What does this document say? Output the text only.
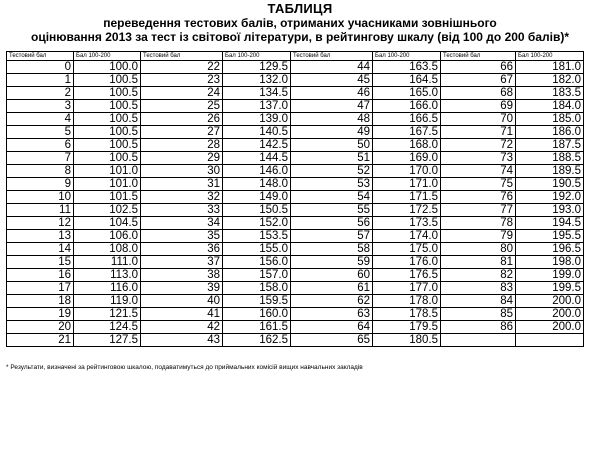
ТАБЛИЦЯ
переведення тестових балів, отриманих учасниками зовнішнього
оцінювання 2013 за тест із світової літератури, в рейтингову шкалу (від 100 до 200 балів)*
Тестовий бал	Бал 100-200	Тестовий бал	Бал 100-200	Тестовий бал	Бал 100-200	Тестовий бал	Бал 100-200
0	100.0	22	129.5	44	163.5	66	181.0
1	100.5	23	132.0	45	164.5	67	182.0
2	100.5	24	134.5	46	165.0	68	183.5
3	100.5	25	137.0	47	166.0	69	184.0
4	100.5	26	139.0	48	166.5	70	185.0
5	100.5	27	140.5	49	167.5	71	186.0
6	100.5	28	142.5	50	168.0	72	187.5
7	100.5	29	144.5	51	169.0	73	188.5
8	101.0	30	146.0	52	170.0	74	189.5
9	101.0	31	148.0	53	171.0	75	190.5
10	101.5	32	149.0	54	171.5	76	192.0
11	102.5	33	150.5	55	172.5	77	193.0
12	104.5	34	152.0	56	173.5	78	194.5
13	106.0	35	153.5	57	174.0	79	195.5
14	108.0	36	155.0	58	175.0	80	196.5
15	111.0	37	156.0	59	176.0	81	198.0
16	113.0	38	157.0	60	176.5	82	199.0
17	116.0	39	158.0	61	177.0	83	199.5
18	119.0	40	159.5	62	178.0	84	200.0
19	121.5	41	160.0	63	178.5	85	200.0
20	124.5	42	161.5	64	179.5	86	200.0
21	127.5	43	162.5	65	180.5		
* Результати, визначені за рейтинговою шкалою, подаватимуться до приймальних комісій вищих навчальних закладів
